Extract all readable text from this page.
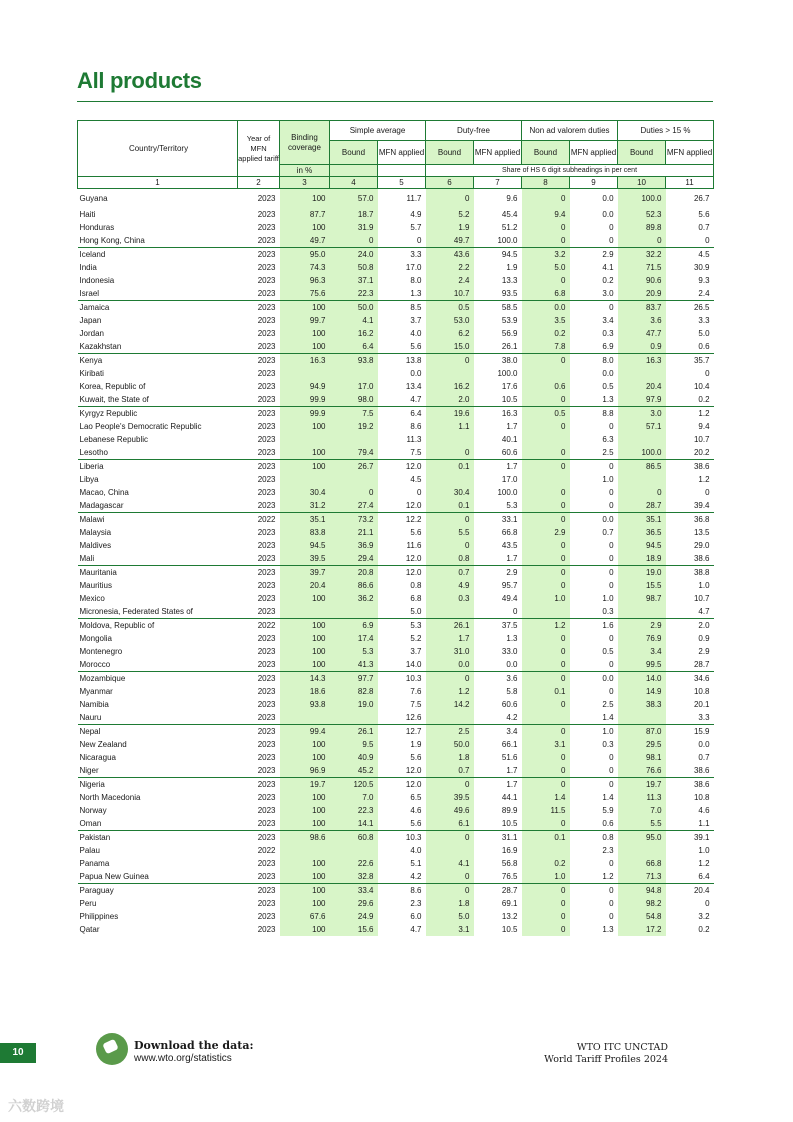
All products
Country/Territory	Year of MFN applied tariff	Binding coverage	Simple average		Duty-free		Non ad valorem duties		Duties > 15 %	
			Bound	MFN applied	Bound	MFN applied	Bound	MFN applied	Bound	MFN applied
		in %			Share of HS 6 digit subheadings in per cent					
1	2	3	4	5	6	7	8	9	10	11
Guyana	2023	100	57.0	11.7	0	9.6	0	0.0	100.0	26.7
Haiti	2023	87.7	18.7	4.9	5.2	45.4	9.4	0.0	52.3	5.6
Honduras	2023	100	31.9	5.7	1.9	51.2	0	0	89.8	0.7
Hong Kong, China	2023	49.7	0	0	49.7	100.0	0	0	0	0
Iceland	2023	95.0	24.0	3.3	43.6	94.5	3.2	2.9	32.2	4.5
India	2023	74.3	50.8	17.0	2.2	1.9	5.0	4.1	71.5	30.9
Indonesia	2023	96.3	37.1	8.0	2.4	13.3	0	0.2	90.6	9.3
Israel	2023	75.6	22.3	1.3	10.7	93.5	6.8	3.0	20.9	2.4
Jamaica	2023	100	50.0	8.5	0.5	58.5	0.0	0	83.7	26.5
Japan	2023	99.7	4.1	3.7	53.0	53.9	3.5	3.4	3.6	3.3
Jordan	2023	100	16.2	4.0	6.2	56.9	0.2	0.3	47.7	5.0
Kazakhstan	2023	100	6.4	5.6	15.0	26.1	7.8	6.9	0.9	0.6
Kenya	2023	16.3	93.8	13.8	0	38.0	0	8.0	16.3	35.7
Kiribati	2023			0.0		100.0		0.0		0
Korea, Republic of	2023	94.9	17.0	13.4	16.2	17.6	0.6	0.5	20.4	10.4
Kuwait, the State of	2023	99.9	98.0	4.7	2.0	10.5	0	1.3	97.9	0.2
Kyrgyz Republic	2023	99.9	7.5	6.4	19.6	16.3	0.5	8.8	3.0	1.2
Lao People's Democratic Republic	2023	100	19.2	8.6	1.1	1.7	0	0	57.1	9.4
Lebanese Republic	2023			11.3		40.1		6.3		10.7
Lesotho	2023	100	79.4	7.5	0	60.6	0	2.5	100.0	20.2
Liberia	2023	100	26.7	12.0	0.1	1.7	0	0	86.5	38.6
Libya	2023			4.5		17.0		1.0		1.2
Macao, China	2023	30.4	0	0	30.4	100.0	0	0	0	0
Madagascar	2023	31.2	27.4	12.0	0.1	5.3	0	0	28.7	39.4
Malawi	2022	35.1	73.2	12.2	0	33.1	0	0.0	35.1	36.8
Malaysia	2023	83.8	21.1	5.6	5.5	66.8	2.9	0.7	36.5	13.5
Maldives	2023	94.5	36.9	11.6	0	43.5	0	0	94.5	29.0
Mali	2023	39.5	29.4	12.0	0.8	1.7	0	0	18.9	38.6
Mauritania	2023	39.7	20.8	12.0	0.7	2.9	0	0	19.0	38.8
Mauritius	2023	20.4	86.6	0.8	4.9	95.7	0	0	15.5	1.0
Mexico	2023	100	36.2	6.8	0.3	49.4	1.0	1.0	98.7	10.7
Micronesia, Federated States of	2023			5.0		0		0.3		4.7
Moldova, Republic of	2022	100	6.9	5.3	26.1	37.5	1.2	1.6	2.9	2.0
Mongolia	2023	100	17.4	5.2	1.7	1.3	0	0	76.9	0.9
Montenegro	2023	100	5.3	3.7	31.0	33.0	0	0.5	3.4	2.9
Morocco	2023	100	41.3	14.0	0.0	0.0	0	0	99.5	28.7
Mozambique	2023	14.3	97.7	10.3	0	3.6	0	0.0	14.0	34.6
Myanmar	2023	18.6	82.8	7.6	1.2	5.8	0.1	0	14.9	10.8
Namibia	2023	93.8	19.0	7.5	14.2	60.6	0	2.5	38.3	20.1
Nauru	2023			12.6		4.2		1.4		3.3
Nepal	2023	99.4	26.1	12.7	2.5	3.4	0	1.0	87.0	15.9
New Zealand	2023	100	9.5	1.9	50.0	66.1	3.1	0.3	29.5	0.0
Nicaragua	2023	100	40.9	5.6	1.8	51.6	0	0	98.1	0.7
Niger	2023	96.9	45.2	12.0	0.7	1.7	0	0	76.6	38.6
Nigeria	2023	19.7	120.5	12.0	0	1.7	0	0	19.7	38.6
North Macedonia	2023	100	7.0	6.5	39.5	44.1	1.4	1.4	11.3	10.8
Norway	2023	100	22.3	4.6	49.6	89.9	11.5	5.9	7.0	4.6
Oman	2023	100	14.1	5.6	6.1	10.5	0	0.6	5.5	1.1
Pakistan	2023	98.6	60.8	10.3	0	31.1	0.1	0.8	95.0	39.1
Palau	2022			4.0		16.9		2.3		1.0
Panama	2023	100	22.6	5.1	4.1	56.8	0.2	0	66.8	1.2
Papua New Guinea	2023	100	32.8	4.2	0	76.5	1.0	1.2	71.3	6.4
Paraguay	2023	100	33.4	8.6	0	28.7	0	0	94.8	20.4
Peru	2023	100	29.6	2.3	1.8	69.1	0	0	98.2	0
Philippines	2023	67.6	24.9	6.0	5.0	13.2	0	0	54.8	3.2
Qatar	2023	100	15.6	4.7	3.1	10.5	0	1.3	17.2	0.2
10
Download the data:
www.wto.org/statistics
WTO ITC UNCTAD
World Tariff Profiles 2024
六数跨境
